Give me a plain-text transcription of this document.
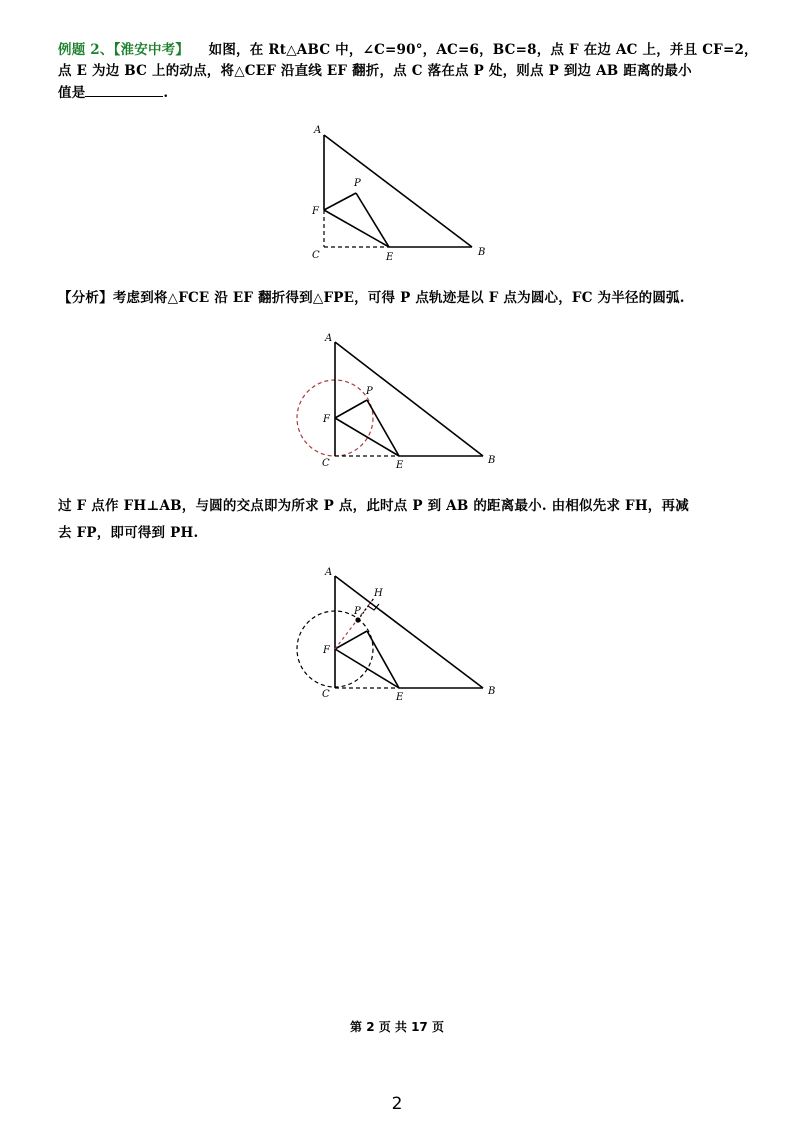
例题 2、【淮安中考】 如图，在 Rt△ABC 中，∠C=90°，AC=6，BC=8，点 F 在边 AC 上，并且 CF=2，
点 E 为边 BC 上的动点，将△CEF 沿直线 EF 翻折，点 C 落在点 P 处，则点 P 到边 AB 距离的最小
值是	.
A
F
P
C	E	B
【分析】考虑到将△FCE 沿 EF 翻折得到△FPE，可得 P 点轨迹是以 F 点为圆心，FC 为半径的圆弧.
A
P
F
C	E	B
过 F 点作 FH⊥AB，与圆的交点即为所求 P 点，此时点 P 到 AB 的距离最小. 由相似先求 FH，再减
去 FP，即可得到 PH.
A
H
P
F
C	E
B
第 2 页 共 17 页
2
